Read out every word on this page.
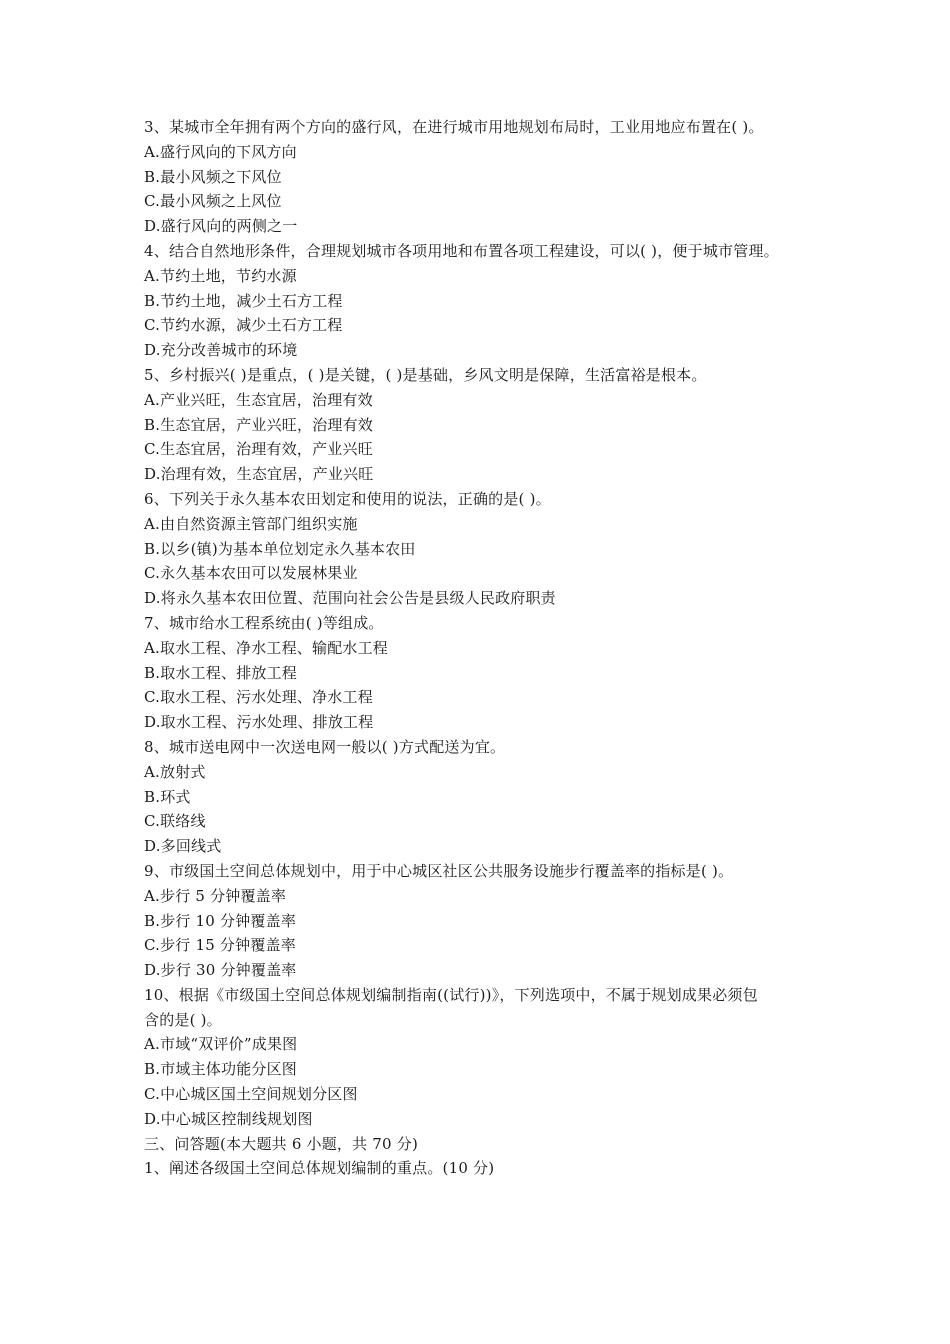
3、某城市全年拥有两个方向的盛行风，在进行城市用地规划布局时，工业用地应布置在( )。
A.盛行风向的下风方向
B.最小风频之下风位
C.最小风频之上风位
D.盛行风向的两侧之一
4、结合自然地形条件，合理规划城市各项用地和布置各项工程建设，可以( )，便于城市管理。
A.节约土地，节约水源
B.节约土地，减少土石方工程
C.节约水源，减少土石方工程
D.充分改善城市的环境
5、乡村振兴( )是重点，( )是关键，( )是基础，乡风文明是保障，生活富裕是根本。
A.产业兴旺，生态宜居，治理有效
B.生态宜居，产业兴旺，治理有效
C.生态宜居，治理有效，产业兴旺
D.治理有效，生态宜居，产业兴旺
6、下列关于永久基本农田划定和使用的说法，正确的是( )。
A.由自然资源主管部门组织实施
B.以乡(镇)为基本单位划定永久基本农田
C.永久基本农田可以发展林果业
D.将永久基本农田位置、范围向社会公告是县级人民政府职责
7、城市给水工程系统由( )等组成。
A.取水工程、净水工程、输配水工程
B.取水工程、排放工程
C.取水工程、污水处理、净水工程
D.取水工程、污水处理、排放工程
8、城市送电网中一次送电网一般以( )方式配送为宜。
A.放射式
B.环式
C.联络线
D.多回线式
9、市级国土空间总体规划中，用于中心城区社区公共服务设施步行覆盖率的指标是( )。
A.步行 5 分钟覆盖率
B.步行 10 分钟覆盖率
C.步行 15 分钟覆盖率
D.步行 30 分钟覆盖率
10、根据《市级国土空间总体规划编制指南((试行))》，下列选项中，不属于规划成果必须包
含的是( )。
A.市域“双评价”成果图
B.市域主体功能分区图
C.中心城区国土空间规划分区图
D.中心城区控制线规划图
三、问答题(本大题共 6 小题，共 70 分)
1、阐述各级国土空间总体规划编制的重点。(10 分)
